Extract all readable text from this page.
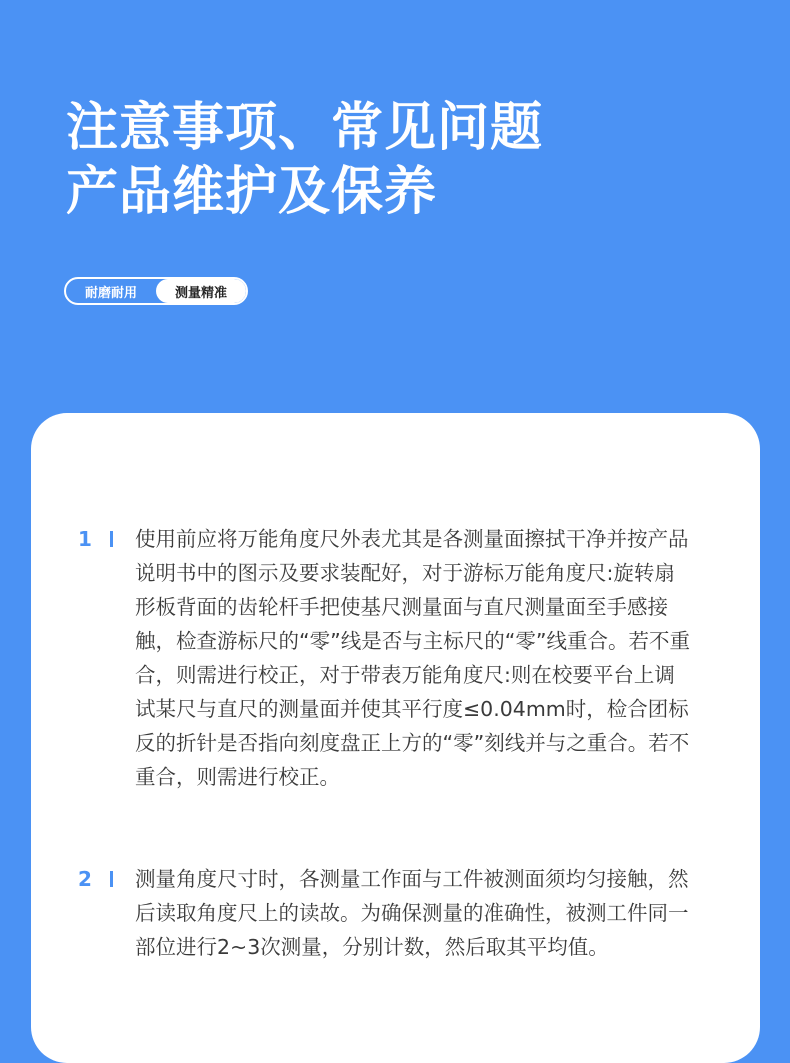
注意事项、常见问题
产品维护及保养
耐磨耐用	测量精准
1 使用前应将万能角度尺外表尤其是各测量面擦拭干净并按产品说明书中的图示及要求装配好，对于游标万能角度尺:旋转扇形板背面的齿轮杆手把使基尺测量面与直尺测量面至手感接触，检查游标尺的“零”线是否与主标尺的“零”线重合。若不重合，则需进行校正，对于带表万能角度尺:则在校要平台上调试某尺与直尺的测量面并使其平行度≤0.04mm时，检合团标反的折针是否指向刻度盘正上方的“零”刻线并与之重合。若不重合，则需进行校正。
2 测量角度尺寸时，各测量工作面与工件被测面须均匀接触，然后读取角度尺上的读故。为确保测量的准确性，被测工件同一部位进行2~3次测量，分别计数，然后取其平均值。
